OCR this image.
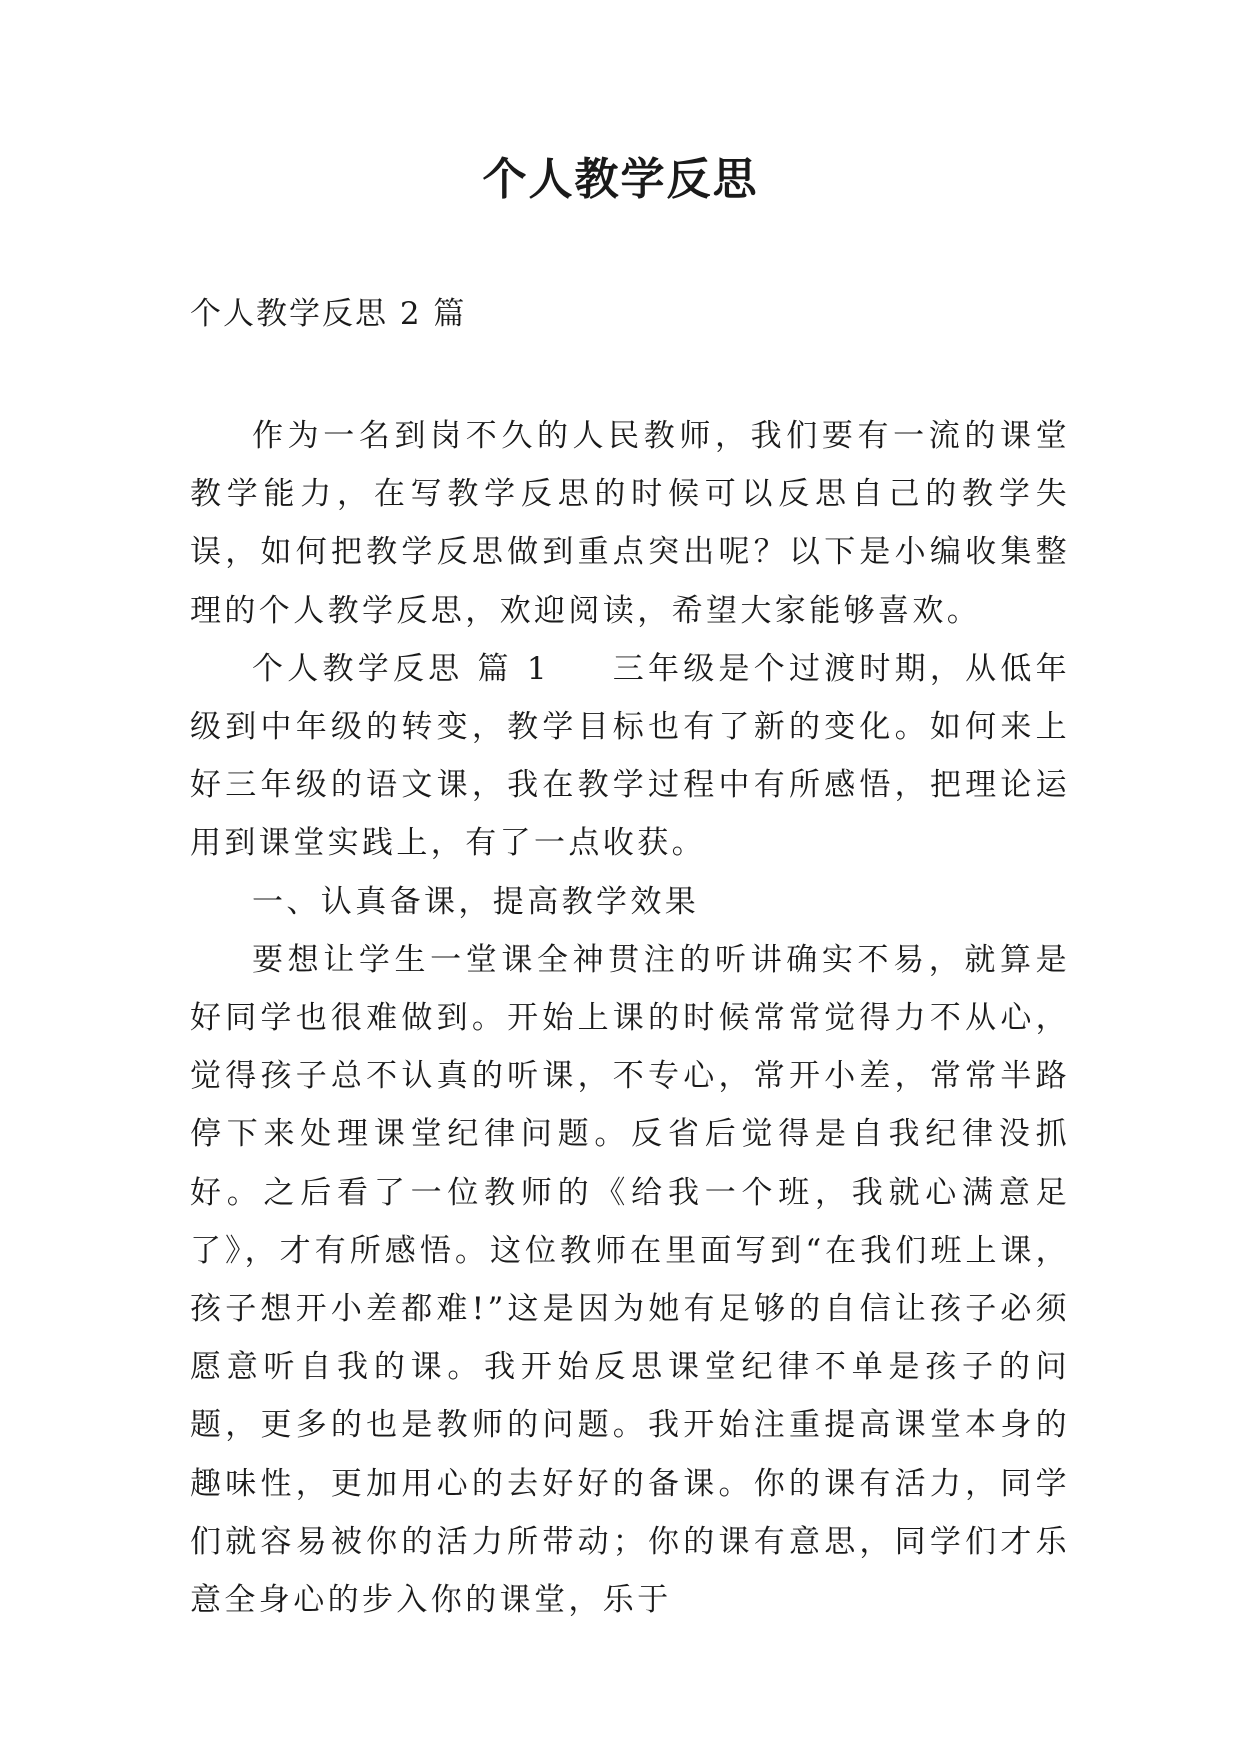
个人教学反思
个人教学反思 2 篇

作为一名到岗不久的人民教师，我们要有一流的课堂教学能力，在写教学反思的时候可以反思自己的教学失误，如何把教学反思做到重点突出呢？以下是小编收集整理的个人教学反思，欢迎阅读，希望大家能够喜欢。

个人教学反思 篇 1 三年级是个过渡时期，从低年级到中年级的转变，教学目标也有了新的变化。如何来上好三年级的语文课，我在教学过程中有所感悟，把理论运用到课堂实践上，有了一点收获。

一、认真备课，提高教学效果

要想让学生一堂课全神贯注的听讲确实不易，就算是好同学也很难做到。开始上课的时候常常觉得力不从心，觉得孩子总不认真的听课，不专心，常开小差，常常半路停下来处理课堂纪律问题。反省后觉得是自我纪律没抓好。之后看了一位教师的《给我一个班，我就心满意足了》，才有所感悟。这位教师在里面写到“在我们班上课，孩子想开小差都难!”这是因为她有足够的自信让孩子必须愿意听自我的课。我开始反思课堂纪律不单是孩子的问题，更多的也是教师的问题。我开始注重提高课堂本身的趣味性，更加用心的去好好的备课。你的课有活力，同学们就容易被你的活力所带动；你的课有意思，同学们才乐意全身心的步入你的课堂，乐于
